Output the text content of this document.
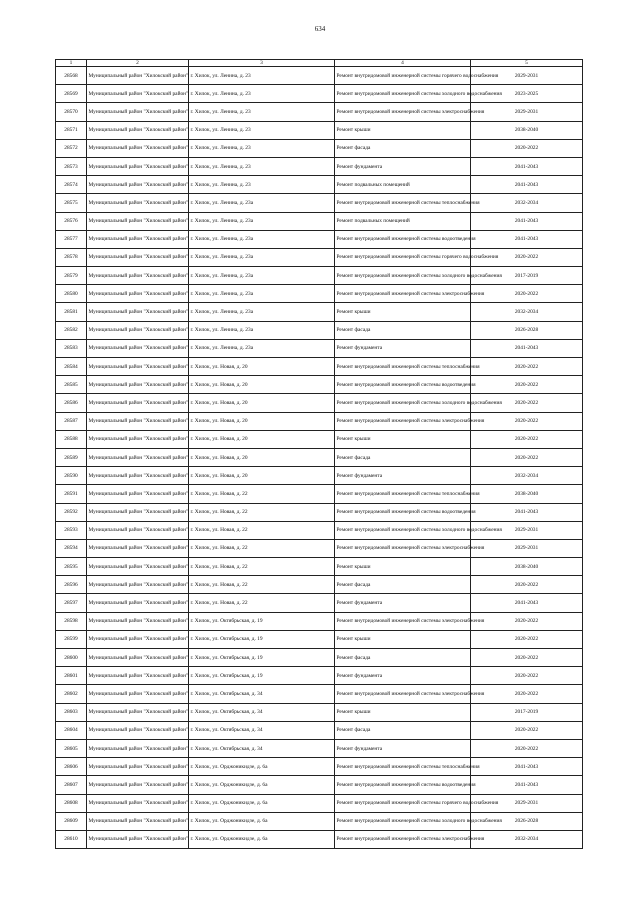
634
1	2	3	4	5
28568	Муниципальный район "Хилокский район"	г. Хилок, ул. Ленина, д. 23	Ремонт внутридомовой инженерной системы горячего водоснабжения	2029-2031
28569	Муниципальный район "Хилокский район"	г. Хилок, ул. Ленина, д. 23	Ремонт внутридомовой инженерной системы холодного водоснабжения	2023-2025
28570	Муниципальный район "Хилокский район"	г. Хилок, ул. Ленина, д. 23	Ремонт внутридомовой инженерной системы электроснабжения	2029-2031
28571	Муниципальный район "Хилокский район"	г. Хилок, ул. Ленина, д. 23	Ремонт крыши	2038-2040
28572	Муниципальный район "Хилокский район"	г. Хилок, ул. Ленина, д. 23	Ремонт фасада	2020-2022
28573	Муниципальный район "Хилокский район"	г. Хилок, ул. Ленина, д. 23	Ремонт фундамента	2041-2043
28574	Муниципальный район "Хилокский район"	г. Хилок, ул. Ленина, д. 23	Ремонт подвальных помещений	2041-2043
28575	Муниципальный район "Хилокский район"	г. Хилок, ул. Ленина, д. 23а	Ремонт внутридомовой инженерной системы теплоснабжения	2032-2034
28576	Муниципальный район "Хилокский район"	г. Хилок, ул. Ленина, д. 23а	Ремонт подвальных помещений	2041-2043
28577	Муниципальный район "Хилокский район"	г. Хилок, ул. Ленина, д. 23а	Ремонт внутридомовой инженерной системы водоотведения	2041-2043
28578	Муниципальный район "Хилокский район"	г. Хилок, ул. Ленина, д. 23а	Ремонт внутридомовой инженерной системы горячего водоснабжения	2020-2022
28579	Муниципальный район "Хилокский район"	г. Хилок, ул. Ленина, д. 23а	Ремонт внутридомовой инженерной системы холодного водоснабжения	2017-2019
28580	Муниципальный район "Хилокский район"	г. Хилок, ул. Ленина, д. 23а	Ремонт внутридомовой инженерной системы электроснабжения	2020-2022
28581	Муниципальный район "Хилокский район"	г. Хилок, ул. Ленина, д. 23а	Ремонт крыши	2032-2034
28582	Муниципальный район "Хилокский район"	г. Хилок, ул. Ленина, д. 23а	Ремонт фасада	2026-2028
28583	Муниципальный район "Хилокский район"	г. Хилок, ул. Ленина, д. 23а	Ремонт фундамента	2041-2043
28584	Муниципальный район "Хилокский район"	г. Хилок, ул. Новая, д. 20	Ремонт внутридомовой инженерной системы теплоснабжения	2020-2022
28585	Муниципальный район "Хилокский район"	г. Хилок, ул. Новая, д. 20	Ремонт внутридомовой инженерной системы водоотведения	2020-2022
28586	Муниципальный район "Хилокский район"	г. Хилок, ул. Новая, д. 20	Ремонт внутридомовой инженерной системы холодного водоснабжения	2020-2022
28587	Муниципальный район "Хилокский район"	г. Хилок, ул. Новая, д. 20	Ремонт внутридомовой инженерной системы электроснабжения	2020-2022
28588	Муниципальный район "Хилокский район"	г. Хилок, ул. Новая, д. 20	Ремонт крыши	2020-2022
28589	Муниципальный район "Хилокский район"	г. Хилок, ул. Новая, д. 20	Ремонт фасада	2020-2022
28590	Муниципальный район "Хилокский район"	г. Хилок, ул. Новая, д. 20	Ремонт фундамента	2032-2034
28591	Муниципальный район "Хилокский район"	г. Хилок, ул. Новая, д. 22	Ремонт внутридомовой инженерной системы теплоснабжения	2038-2040
28592	Муниципальный район "Хилокский район"	г. Хилок, ул. Новая, д. 22	Ремонт внутридомовой инженерной системы водоотведения	2041-2043
28593	Муниципальный район "Хилокский район"	г. Хилок, ул. Новая, д. 22	Ремонт внутридомовой инженерной системы холодного водоснабжения	2029-2031
28594	Муниципальный район "Хилокский район"	г. Хилок, ул. Новая, д. 22	Ремонт внутридомовой инженерной системы электроснабжения	2029-2031
28595	Муниципальный район "Хилокский район"	г. Хилок, ул. Новая, д. 22	Ремонт крыши	2038-2040
28596	Муниципальный район "Хилокский район"	г. Хилок, ул. Новая, д. 22	Ремонт фасада	2020-2022
28597	Муниципальный район "Хилокский район"	г. Хилок, ул. Новая, д. 22	Ремонт фундамента	2041-2043
28598	Муниципальный район "Хилокский район"	г. Хилок, ул. Октябрьская, д. 19	Ремонт внутридомовой инженерной системы электроснабжения	2020-2022
28599	Муниципальный район "Хилокский район"	г. Хилок, ул. Октябрьская, д. 19	Ремонт крыши	2020-2022
28600	Муниципальный район "Хилокский район"	г. Хилок, ул. Октябрьская, д. 19	Ремонт фасада	2020-2022
28601	Муниципальный район "Хилокский район"	г. Хилок, ул. Октябрьская, д. 19	Ремонт фундамента	2020-2022
28602	Муниципальный район "Хилокский район"	г. Хилок, ул. Октябрьская, д. 34	Ремонт внутридомовой инженерной системы электроснабжения	2020-2022
28603	Муниципальный район "Хилокский район"	г. Хилок, ул. Октябрьская, д. 34	Ремонт крыши	2017-2019
28604	Муниципальный район "Хилокский район"	г. Хилок, ул. Октябрьская, д. 34	Ремонт фасада	2020-2022
28605	Муниципальный район "Хилокский район"	г. Хилок, ул. Октябрьская, д. 34	Ремонт фундамента	2020-2022
28606	Муниципальный район "Хилокский район"	г. Хилок, ул. Орджоникидзе, д. 6а	Ремонт внутридомовой инженерной системы теплоснабжения	2041-2043
28607	Муниципальный район "Хилокский район"	г. Хилок, ул. Орджоникидзе, д. 6а	Ремонт внутридомовой инженерной системы водоотведения	2041-2043
28608	Муниципальный район "Хилокский район"	г. Хилок, ул. Орджоникидзе, д. 6а	Ремонт внутридомовой инженерной системы горячего водоснабжения	2029-2031
28609	Муниципальный район "Хилокский район"	г. Хилок, ул. Орджоникидзе, д. 6а	Ремонт внутридомовой инженерной системы холодного водоснабжения	2026-2028
28610	Муниципальный район "Хилокский район"	г. Хилок, ул. Орджоникидзе, д. 6а	Ремонт внутридомовой инженерной системы электроснабжения	2032-2034
